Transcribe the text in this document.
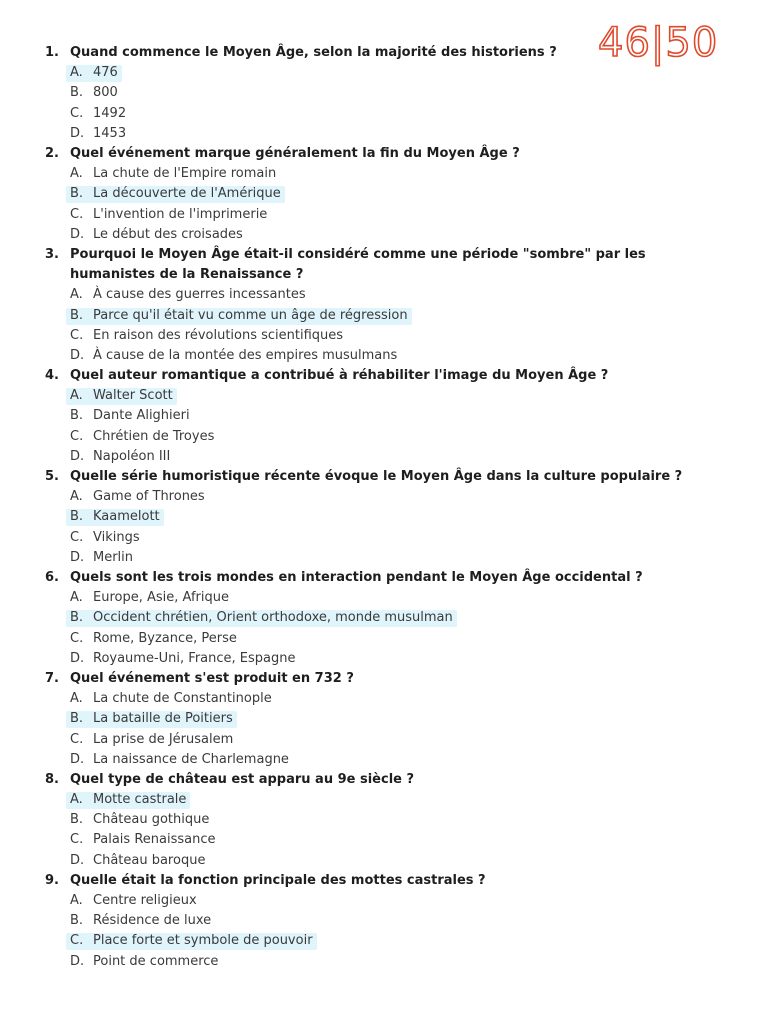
46|50
1. Quand commence le Moyen Âge, selon la majorité des historiens ?
A. 476
B. 800
C. 1492
D. 1453
2. Quel événement marque généralement la fin du Moyen Âge ?
A. La chute de l'Empire romain
B. La découverte de l'Amérique
C. L'invention de l'imprimerie
D. Le début des croisades
3. Pourquoi le Moyen Âge était-il considéré comme une période "sombre" par les humanistes de la Renaissance ?
A. À cause des guerres incessantes
B. Parce qu'il était vu comme un âge de régression
C. En raison des révolutions scientifiques
D. À cause de la montée des empires musulmans
4. Quel auteur romantique a contribué à réhabiliter l'image du Moyen Âge ?
A. Walter Scott
B. Dante Alighieri
C. Chrétien de Troyes
D. Napoléon III
5. Quelle série humoristique récente évoque le Moyen Âge dans la culture populaire ?
A. Game of Thrones
B. Kaamelott
C. Vikings
D. Merlin
6. Quels sont les trois mondes en interaction pendant le Moyen Âge occidental ?
A. Europe, Asie, Afrique
B. Occident chrétien, Orient orthodoxe, monde musulman
C. Rome, Byzance, Perse
D. Royaume-Uni, France, Espagne
7. Quel événement s'est produit en 732 ?
A. La chute de Constantinople
B. La bataille de Poitiers
C. La prise de Jérusalem
D. La naissance de Charlemagne
8. Quel type de château est apparu au 9e siècle ?
A. Motte castrale
B. Château gothique
C. Palais Renaissance
D. Château baroque
9. Quelle était la fonction principale des mottes castrales ?
A. Centre religieux
B. Résidence de luxe
C. Place forte et symbole de pouvoir
D. Point de commerce
